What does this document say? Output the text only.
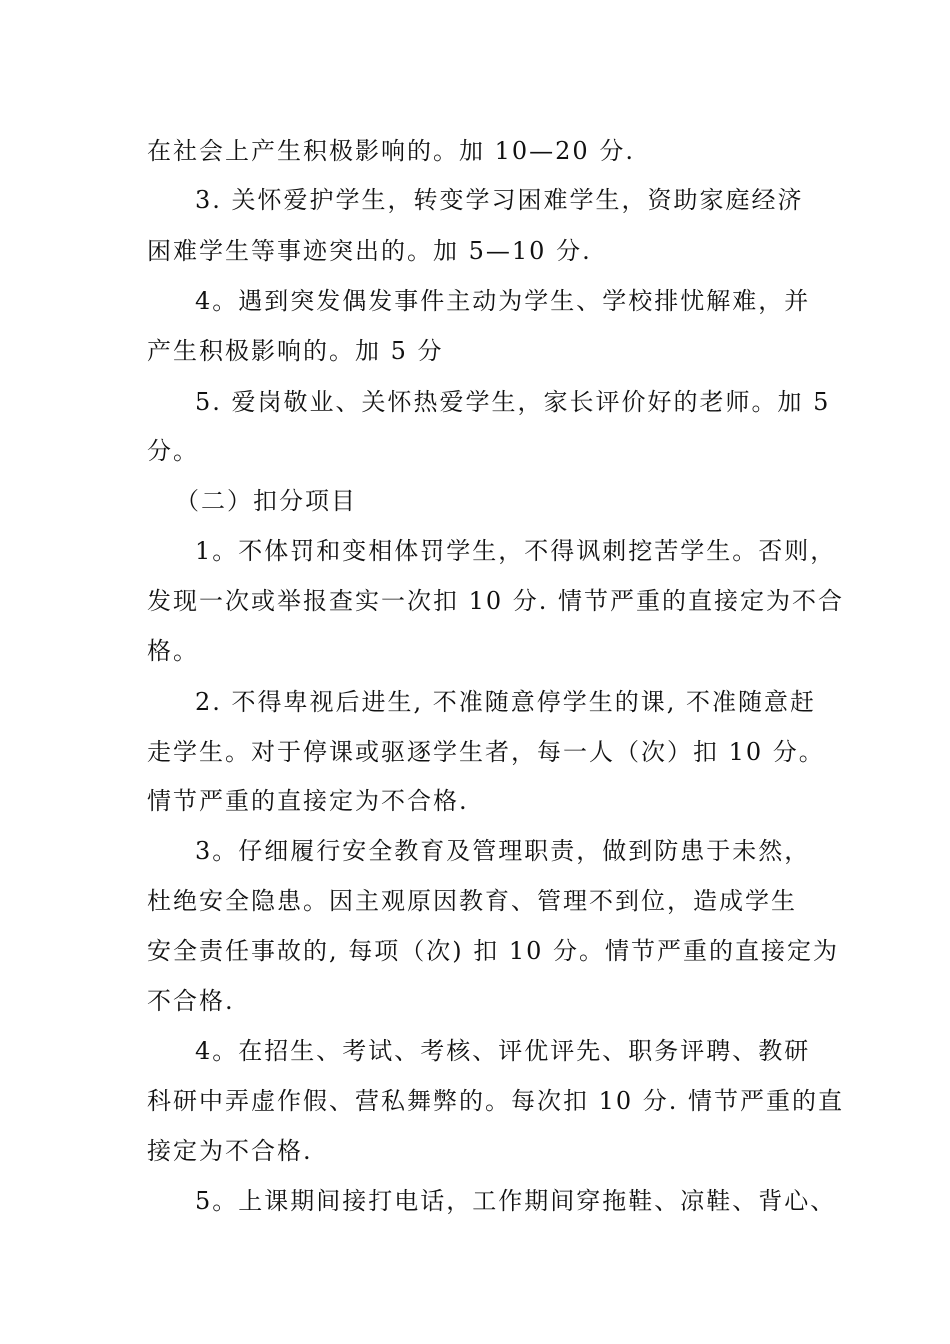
在社会上产生积极影响的。加 10—20 分.
3. 关怀爱护学生，转变学习困难学生，资助家庭经济
困难学生等事迹突出的。加 5—10 分.
4。遇到突发偶发事件主动为学生、学校排忧解难，并
产生积极影响的。加 5 分
5. 爱岗敬业、关怀热爱学生，家长评价好的老师。加 5
分。
（二）扣分项目
1。不体罚和变相体罚学生，不得讽刺挖苦学生。否则，
发现一次或举报查实一次扣 10 分. 情节严重的直接定为不合
格。
2. 不得卑视后进生, 不准随意停学生的课, 不准随意赶
走学生。对于停课或驱逐学生者，每一人（次）扣 10 分。
情节严重的直接定为不合格.
3。仔细履行安全教育及管理职责，做到防患于未然，
杜绝安全隐患。因主观原因教育、管理不到位，造成学生
安全责任事故的, 每项（次) 扣 10 分。情节严重的直接定为
不合格.
4。在招生、考试、考核、评优评先、职务评聘、教研
科研中弄虚作假、营私舞弊的。每次扣 10 分. 情节严重的直
接定为不合格.
5。上课期间接打电话，工作期间穿拖鞋、凉鞋、背心、
